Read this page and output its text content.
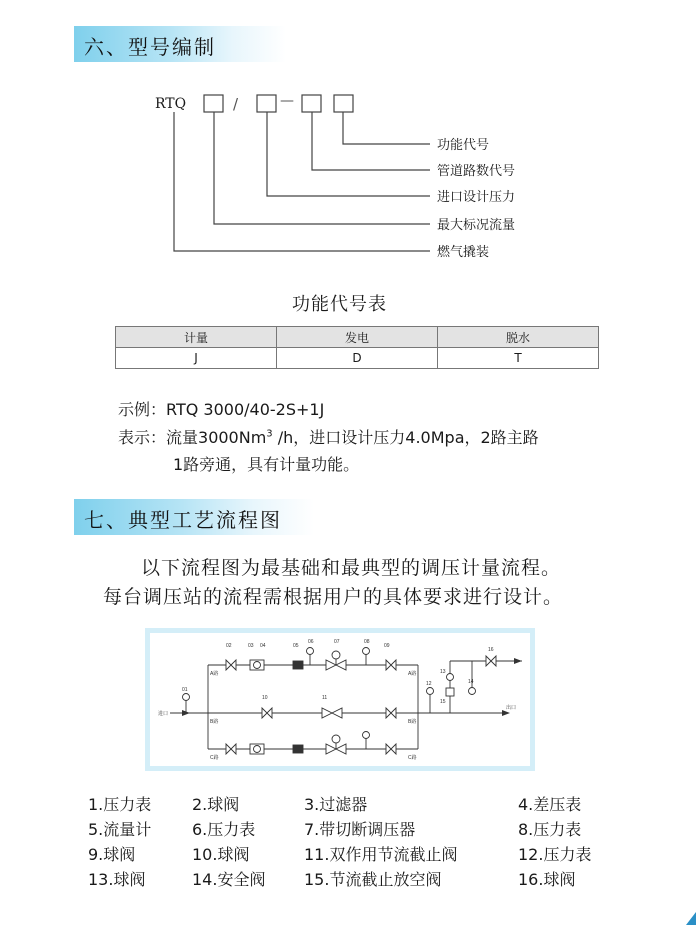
六、型号编制
RTQ	/	—
功能代号
管道路数代号
进口设计压力
最大标况流量
燃气撬装
功能代号表
计量	发电	脱水
J	D	T
示例：RTQ 3000/40-2S+1J
表示：流量3000Nm$^3$ /h，进口设计压力4.0Mpa，2路主路
1路旁通，具有计量功能。
七、典型工艺流程图
以下流程图为最基础和最典型的调压计量流程。
每台调压站的流程需根据用户的具体要求进行设计。
01
02	03 04	05
06	07	08
09
10	11
12
13
14
15
16
进口
出口
A路
B路
C路
A路
B路
C路
1.压力表	2.球阀	3.过滤器	4.差压表
5.流量计	6.压力表	7.带切断调压器	8.压力表
9.球阀	10.球阀	11.双作用节流截止阀	12.压力表
13.球阀	14.安全阀 15.节流截止放空阀	16.球阀
